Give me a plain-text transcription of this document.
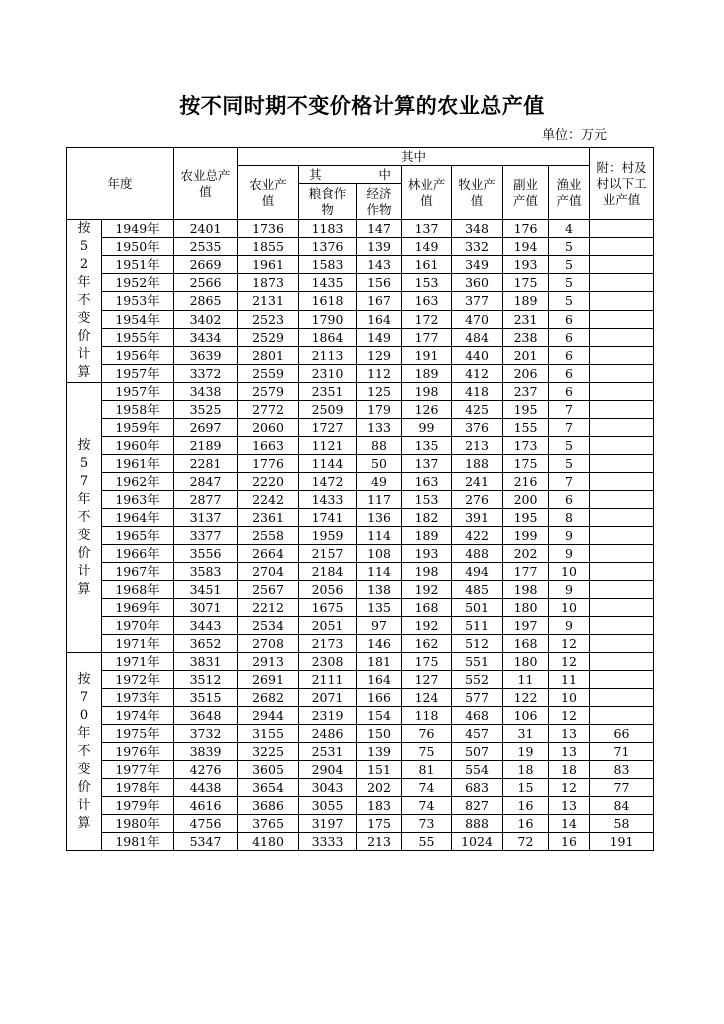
按不同时期不变价格计算的农业总产值
单位：万元
年度		农业总产值	其中							附：村及村以下工业产值
			农业产值	其 中		林业产值	牧业产值	副业产值	渔业产值	
				粮食作物	经济作物					
按52年不变价计算	1949年	2401	1736	1183	147	137	348	176	4	
	1950年	2535	1855	1376	139	149	332	194	5	
	1951年	2669	1961	1583	143	161	349	193	5	
	1952年	2566	1873	1435	156	153	360	175	5	
	1953年	2865	2131	1618	167	163	377	189	5	
	1954年	3402	2523	1790	164	172	470	231	6	
	1955年	3434	2529	1864	149	177	484	238	6	
	1956年	3639	2801	2113	129	191	440	201	6	
	1957年	3372	2559	2310	112	189	412	206	6	
按57年不变价计算	1957年	3438	2579	2351	125	198	418	237	6	
	1958年	3525	2772	2509	179	126	425	195	7	
	1959年	2697	2060	1727	133	99	376	155	7	
	1960年	2189	1663	1121	88	135	213	173	5	
	1961年	2281	1776	1144	50	137	188	175	5	
	1962年	2847	2220	1472	49	163	241	216	7	
	1963年	2877	2242	1433	117	153	276	200	6	
	1964年	3137	2361	1741	136	182	391	195	8	
	1965年	3377	2558	1959	114	189	422	199	9	
	1966年	3556	2664	2157	108	193	488	202	9	
	1967年	3583	2704	2184	114	198	494	177	10	
	1968年	3451	2567	2056	138	192	485	198	9	
	1969年	3071	2212	1675	135	168	501	180	10	
	1970年	3443	2534	2051	97	192	511	197	9	
	1971年	3652	2708	2173	146	162	512	168	12	
按70年不变价计算	1971年	3831	2913	2308	181	175	551	180	12	
	1972年	3512	2691	2111	164	127	552	11	11	
	1973年	3515	2682	2071	166	124	577	122	10	
	1974年	3648	2944	2319	154	118	468	106	12	
	1975年	3732	3155	2486	150	76	457	31	13	66
	1976年	3839	3225	2531	139	75	507	19	13	71
	1977年	4276	3605	2904	151	81	554	18	18	83
	1978年	4438	3654	3043	202	74	683	15	12	77
	1979年	4616	3686	3055	183	74	827	16	13	84
	1980年	4756	3765	3197	175	73	888	16	14	58
	1981年	5347	4180	3333	213	55	1024	72	16	191
